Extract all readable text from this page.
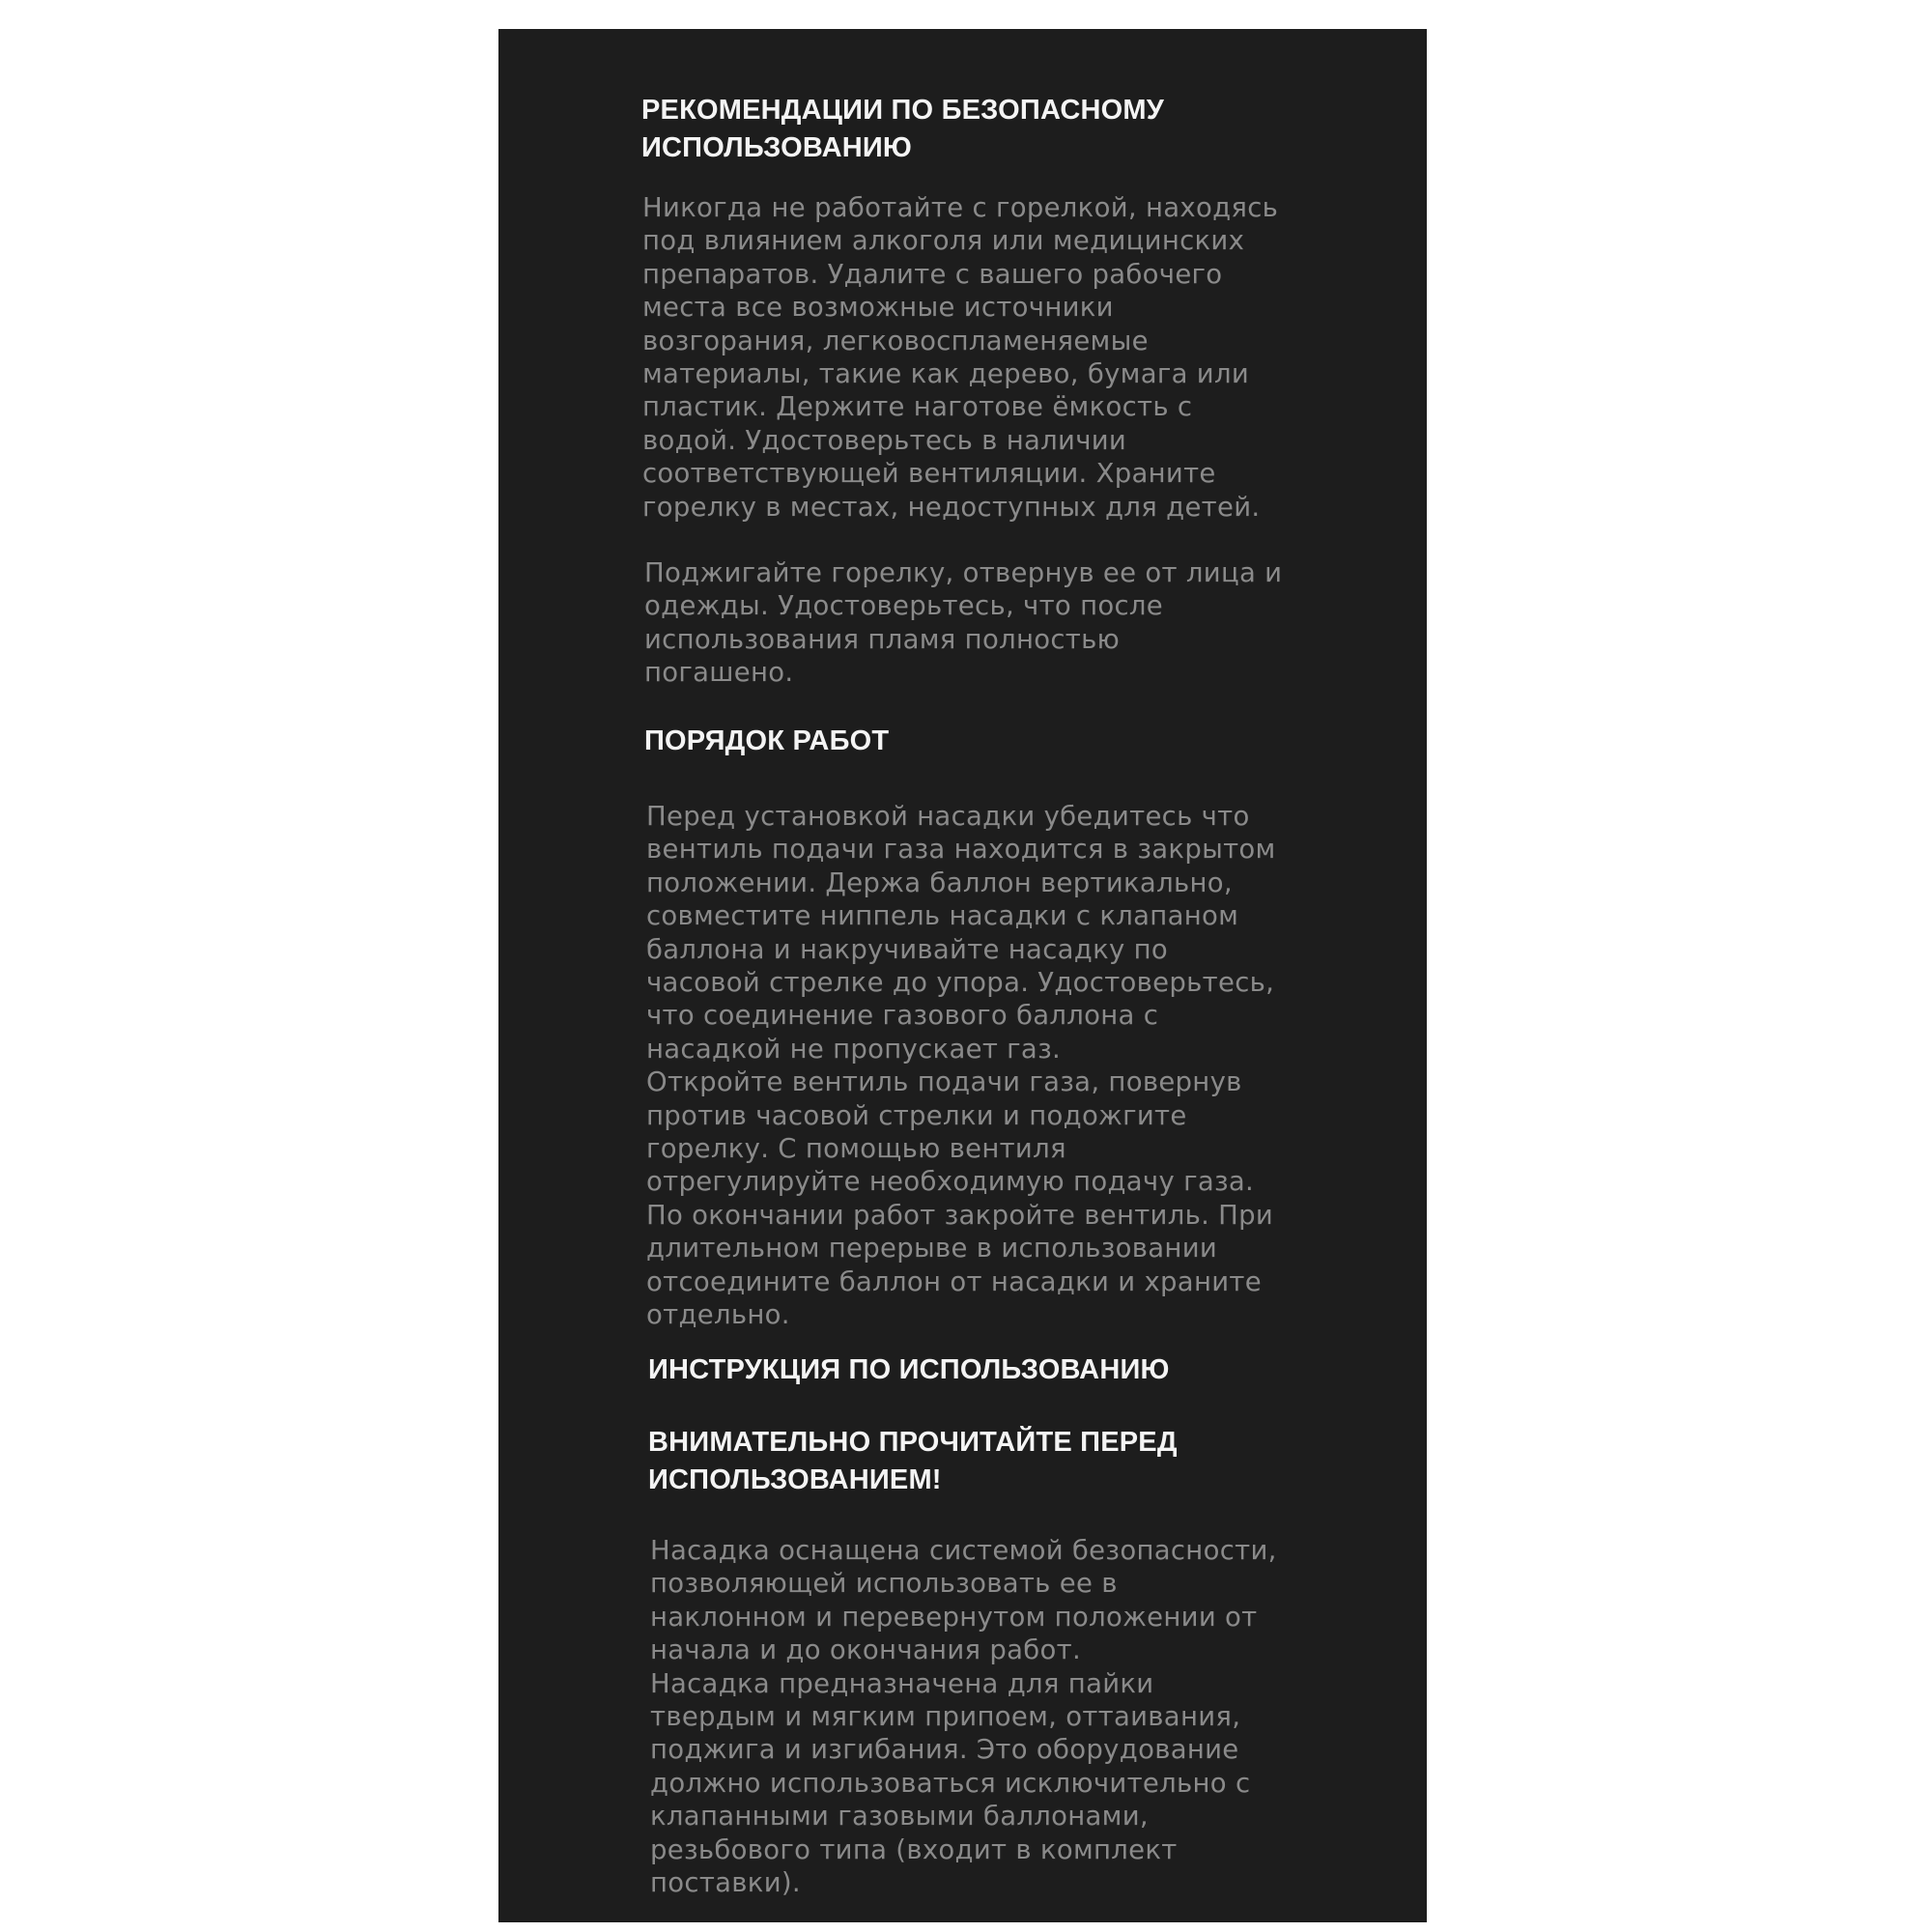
РЕКОМЕНДАЦИИ ПО БЕЗОПАСНОМУ
ИСПОЛЬЗОВАНИЮ
Никогда не работайте с горелкой, находясь
под влиянием алкоголя или медицинских
препаратов. Удалите с вашего рабочего
места все возможные источники
возгорания, легковоспламеняемые
материалы, такие как дерево, бумага или
пластик. Держите наготове ёмкость с
водой. Удостоверьтесь в наличии
соответствующей вентиляции. Храните
горелку в местах, недоступных для детей.
Поджигайте горелку, отвернув ее от лица и
одежды. Удостоверьтесь, что после
использования пламя полностью
погашено.
ПОРЯДОК РАБОТ
Перед установкой насадки убедитесь что
вентиль подачи газа находится в закрытом
положении. Держа баллон вертикально,
совместите ниппель насадки с клапаном
баллона и накручивайте насадку по
часовой стрелке до упора. Удостоверьтесь,
что соединение газового баллона с
насадкой не пропускает газ.
Откройте вентиль подачи газа, повернув
против часовой стрелки и подожгите
горелку. С помощью вентиля
отрегулируйте необходимую подачу газа.
По окончании работ закройте вентиль. При
длительном перерыве в использовании
отсоедините баллон от насадки и храните
отдельно.
ИНСТРУКЦИЯ ПО ИСПОЛЬЗОВАНИЮ
ВНИМАТЕЛЬНО ПРОЧИТАЙТЕ ПЕРЕД
ИСПОЛЬЗОВАНИЕМ!
Насадка оснащена системой безопасности,
позволяющей использовать ее в
наклонном и перевернутом положении от
начала и до окончания работ.
Насадка предназначена для пайки
твердым и мягким припоем, оттаивания,
поджига и изгибания. Это оборудование
должно использоваться исключительно с
клапанными газовыми баллонами,
резьбового типа (входит в комплект
поставки).
